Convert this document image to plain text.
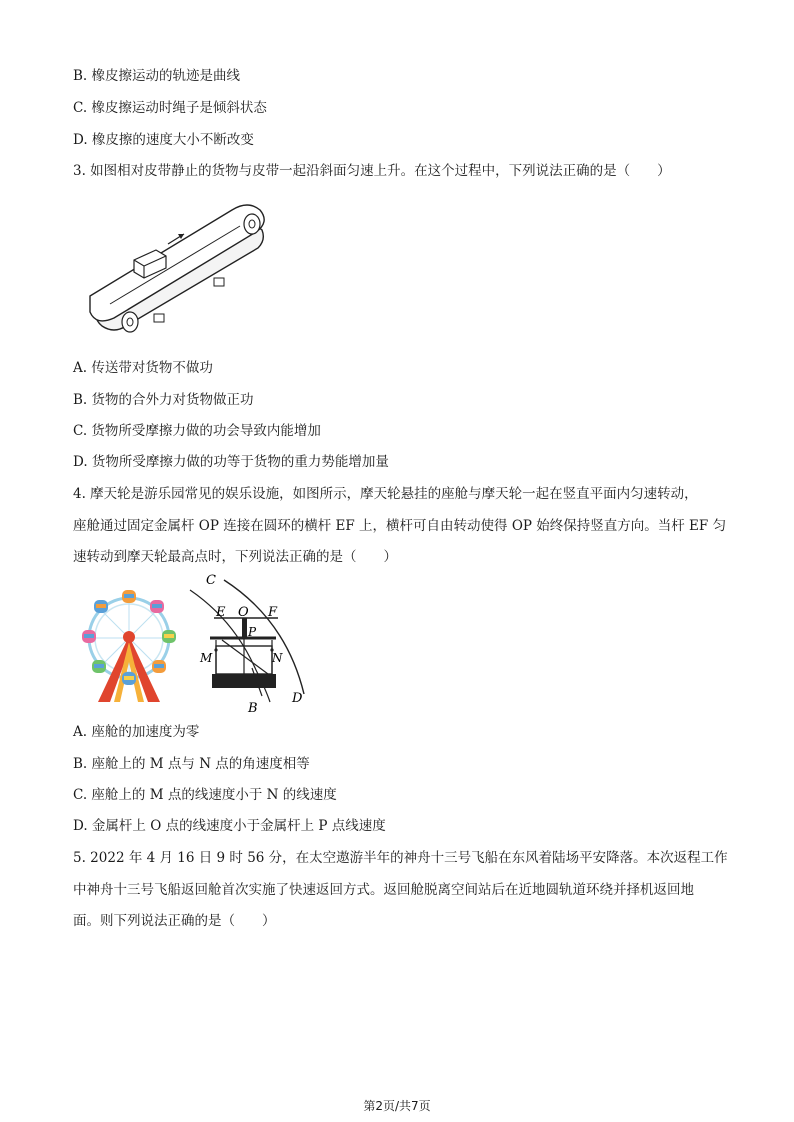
B. 橡皮擦运动的轨迹是曲线
C. 橡皮擦运动时绳子是倾斜状态
D. 橡皮擦的速度大小不断改变
3. 如图相对皮带静止的货物与皮带一起沿斜面匀速上升。在这个过程中，下列说法正确的是（　　）
A. 传送带对货物不做功
B. 货物的合外力对货物做正功
C. 货物所受摩擦力做的功会导致内能增加
D. 货物所受摩擦力做的功等于货物的重力势能增加量
4. 摩天轮是游乐园常见的娱乐设施，如图所示，摩天轮悬挂的座舱与摩天轮一起在竖直平面内匀速转动，
座舱通过固定金属杆 OP 连接在圆环的横杆 EF 上，横杆可自由转动使得 OP 始终保持竖直方向。当杆 EF 匀
速转动到摩天轮最高点时，下列说法正确的是（　　）
C
E O F
P
M	N
B
D
A. 座舱的加速度为零
B. 座舱上的 M 点与 N 点的角速度相等
C. 座舱上的 M 点的线速度小于 N 的线速度
D. 金属杆上 O 点的线速度小于金属杆上 P 点线速度
5. 2022 年 4 月 16 日 9 时 56 分，在太空遨游半年的神舟十三号飞船在东风着陆场平安降落。本次返程工作
中神舟十三号飞船返回舱首次实施了快速返回方式。返回舱脱离空间站后在近地圆轨道环绕并择机返回地
面。则下列说法正确的是（　　）
第2页/共7页
